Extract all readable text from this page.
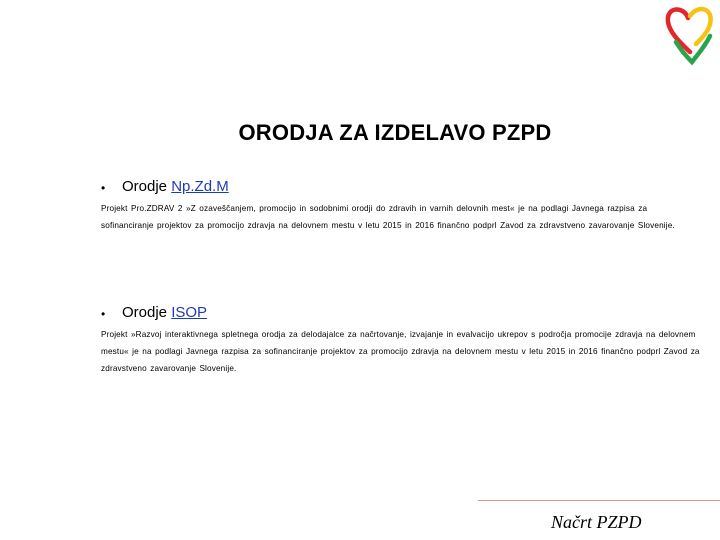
ORODJA ZA IZDELAVO PZPD
• Orodje Np.Zd.M

Projekt Pro.ZDRAV 2 »Z ozaveščanjem, promocijo in sodobnimi orodji do zdravih in varnih delovnih mest« je na podlagi Javnega razpisa za sofinanciranje projektov za promocijo zdravja na delovnem mestu v letu 2015 in 2016 finančno podprl Zavod za zdravstveno zavarovanje Slovenije.

• Orodje ISOP

Projekt »Razvoj interaktivnega spletnega orodja za delodajalce za načrtovanje, izvajanje in evalvacijo ukrepov s področja promocije zdravja na delovnem mestu« je na podlagi Javnega razpisa za sofinanciranje projektov za promocijo zdravja na delovnem mestu v letu 2015 in 2016 finančno podprl Zavod za zdravstveno zavarovanje Slovenije.

Načrt PZPD
